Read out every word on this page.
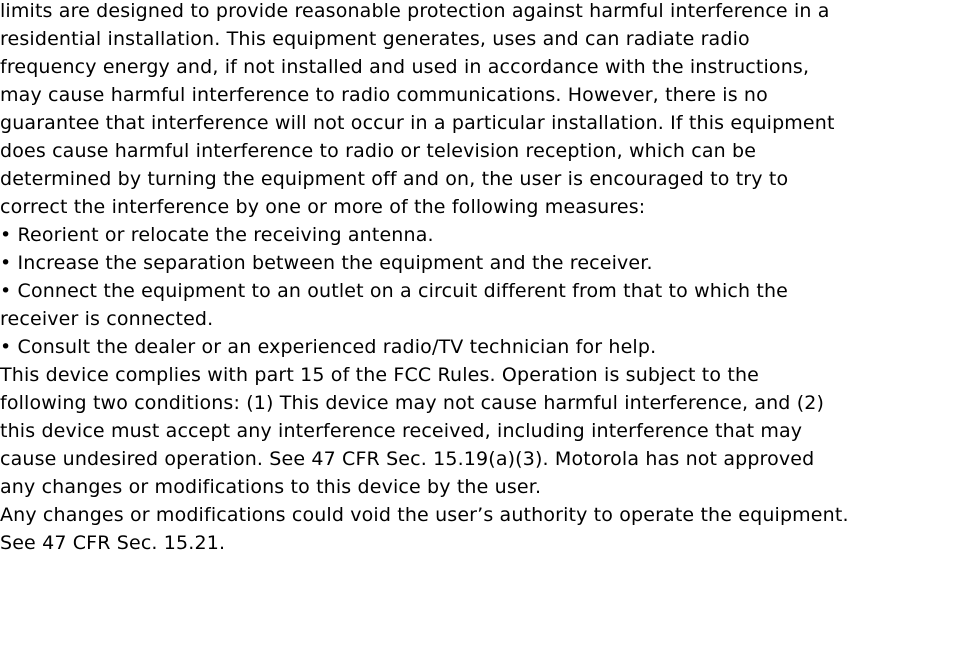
limits are designed to provide reasonable protection against harmful interference in a
residential installation. This equipment generates, uses and can radiate radio
frequency energy and, if not installed and used in accordance with the instructions,
may cause harmful interference to radio communications. However, there is no
guarantee that interference will not occur in a particular installation. If this equipment
does cause harmful interference to radio or television reception, which can be
determined by turning the equipment off and on, the user is encouraged to try to
correct the interference by one or more of the following measures:
• Reorient or relocate the receiving antenna.
• Increase the separation between the equipment and the receiver.
• Connect the equipment to an outlet on a circuit different from that to which the
receiver is connected.
• Consult the dealer or an experienced radio/TV technician for help.
This device complies with part 15 of the FCC Rules. Operation is subject to the
following two conditions: (1) This device may not cause harmful interference, and (2)
this device must accept any interference received, including interference that may
cause undesired operation. See 47 CFR Sec. 15.19(a)(3). Motorola has not approved
any changes or modifications to this device by the user.
Any changes or modifications could void the user’s authority to operate the equipment.
See 47 CFR Sec. 15.21.
